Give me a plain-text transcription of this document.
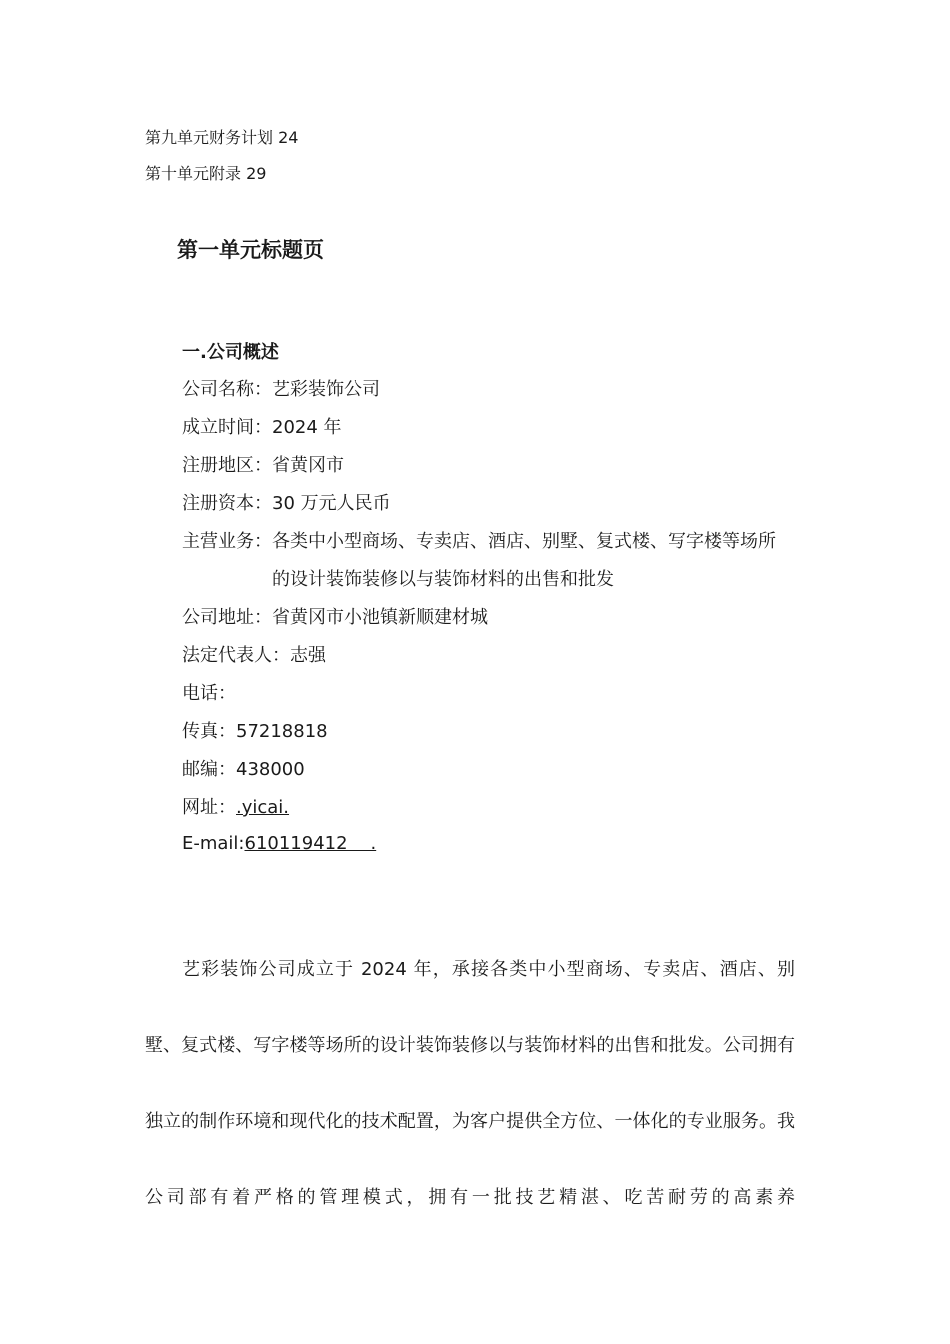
第九单元财务计划 24
第十单元附录 29
第一单元标题页
一.公司概述
公司名称： 艺彩装饰公司
成立时间： 2024 年
注册地区： 省黄冈市
注册资本： 30 万元人民币
主营业务： 各类中小型商场、专卖店、酒店、别墅、复式楼、写字楼等场所的设计装饰装修以与装饰材料的出售和批发
公司地址： 省黄冈市小池镇新顺建材城
法定代表人： 志强
电话：
传真： 57218818
邮编： 438000
网址： .yicai.
E-mail: 610119412    .

艺彩装饰公司成立于 2024 年，承接各类中小型商场、专卖店、酒店、别墅、复式楼、写字楼等场所的设计装饰装修以与装饰材料的出售和批发。公司拥有独立的制作环境和现代化的技术配置，为客户提供全方位、一体化的专业服务。我公司部有着严格的管理模式，拥有一批技艺精湛、吃苦耐劳的高素养
